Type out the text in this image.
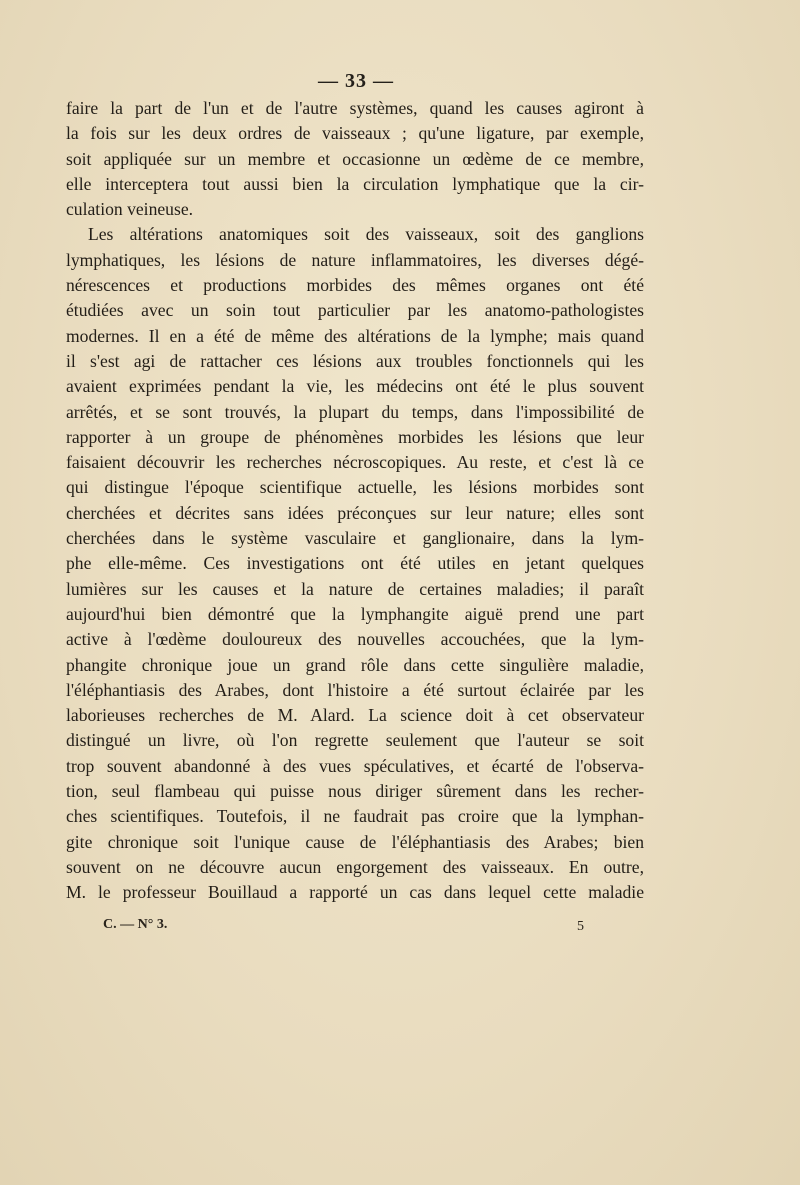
— 33 —
faire la part de l'un et de l'autre systèmes, quand les causes agiront à
la fois sur les deux ordres de vaisseaux ; qu'une ligature, par exemple,
soit appliquée sur un membre et occasionne un œdème de ce membre,
elle interceptera tout aussi bien la circulation lymphatique que la cir-
culation veineuse.
Les altérations anatomiques soit des vaisseaux, soit des ganglions
lymphatiques, les lésions de nature inflammatoires, les diverses dégé-
nérescences et productions morbides des mêmes organes ont été
étudiées avec un soin tout particulier par les anatomo-pathologistes
modernes. Il en a été de même des altérations de la lymphe; mais quand
il s'est agi de rattacher ces lésions aux troubles fonctionnels qui les
avaient exprimées pendant la vie, les médecins ont été le plus souvent
arrêtés, et se sont trouvés, la plupart du temps, dans l'impossibilité de
rapporter à un groupe de phénomènes morbides les lésions que leur
faisaient découvrir les recherches nécroscopiques. Au reste, et c'est là ce
qui distingue l'époque scientifique actuelle, les lésions morbides sont
cherchées et décrites sans idées préconçues sur leur nature; elles sont
cherchées dans le système vasculaire et ganglionaire, dans la lym-
phe elle-même. Ces investigations ont été utiles en jetant quelques
lumières sur les causes et la nature de certaines maladies; il paraît
aujourd'hui bien démontré que la lymphangite aiguë prend une part
active à l'œdème douloureux des nouvelles accouchées, que la lym-
phangite chronique joue un grand rôle dans cette singulière maladie,
l'éléphantiasis des Arabes, dont l'histoire a été surtout éclairée par les
laborieuses recherches de M. Alard. La science doit à cet observateur
distingué un livre, où l'on regrette seulement que l'auteur se soit
trop souvent abandonné à des vues spéculatives, et écarté de l'observa-
tion, seul flambeau qui puisse nous diriger sûrement dans les recher-
ches scientifiques. Toutefois, il ne faudrait pas croire que la lymphan-
gite chronique soit l'unique cause de l'éléphantiasis des Arabes; bien
souvent on ne découvre aucun engorgement des vaisseaux. En outre,
M. le professeur Bouillaud a rapporté un cas dans lequel cette maladie
C. — N° 3.	5
